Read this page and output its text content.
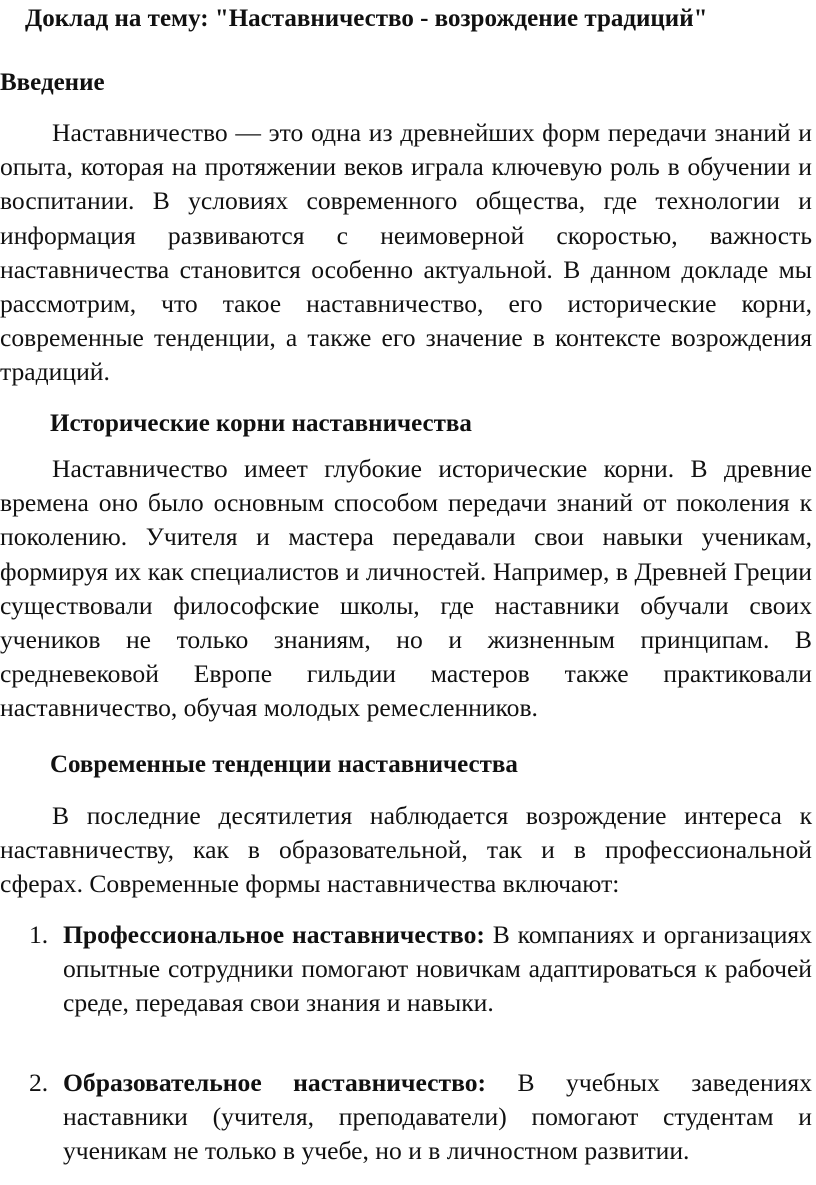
Доклад на тему: "Наставничество - возрождение традиций"
Введение

Наставничество — это одна из древнейших форм передачи знаний и опыта, которая на протяжении веков играла ключевую роль в обучении и воспитании. В условиях современного общества, где технологии и информация развиваются с неимоверной скоростью, важность наставничества становится особенно актуальной. В данном докладе мы рассмотрим, что такое наставничество, его исторические корни, современные тенденции, а также его значение в контексте возрождения традиций.

Исторические корни наставничества

Наставничество имеет глубокие исторические корни. В древние времена оно было основным способом передачи знаний от поколения к поколению. Учителя и мастера передавали свои навыки ученикам, формируя их как специалистов и личностей. Например, в Древней Греции существовали философские школы, где наставники обучали своих учеников не только знаниям, но и жизненным принципам. В средневековой Европе гильдии мастеров также практиковали наставничество, обучая молодых ремесленников.

Современные тенденции наставничества

В последние десятилетия наблюдается возрождение интереса к наставничеству, как в образовательной, так и в профессиональной сферах. Современные формы наставничества включают:

1. Профессиональное наставничество: В компаниях и организациях опытные сотрудники помогают новичкам адаптироваться к рабочей среде, передавая свои знания и навыки.

2. Образовательное наставничество: В учебных заведениях наставники (учителя, преподаватели) помогают студентам и ученикам не только в учебе, но и в личностном развитии.
